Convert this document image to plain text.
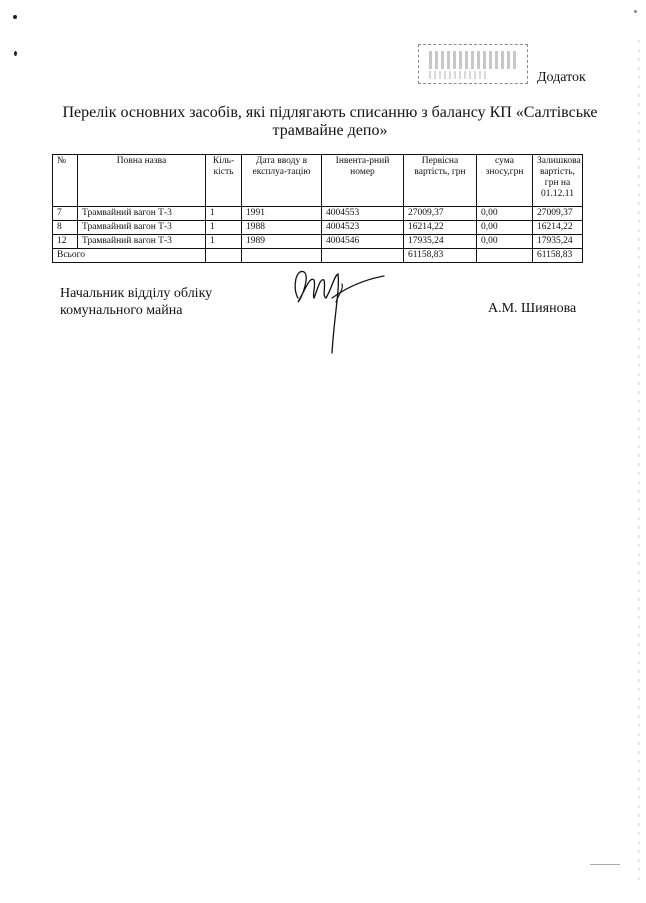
Додаток
Перелік основних засобів, які підлягають списанню з балансу КП «Салтівське трамвайне депо»
№	Повна назва	Кіль-кість	Дата вводу в експлуа-тацію	Інвента-рний номер	Первісна вартість, грн	сума зносу,грн	Залишкова вартість, грн на 01.12.11
7	Трамвайний вагон Т-3	1	1991	4004553	27009,37	0,00	27009,37
8	Трамвайний вагон Т-3	1	1988	4004523	16214,22	0,00	16214,22
12	Трамвайний вагон Т-3	1	1989	4004546	17935,24	0,00	17935,24
Всього					61158,83		61158,83
Начальник відділу обліку комунального майна	А.М. Шиянова
